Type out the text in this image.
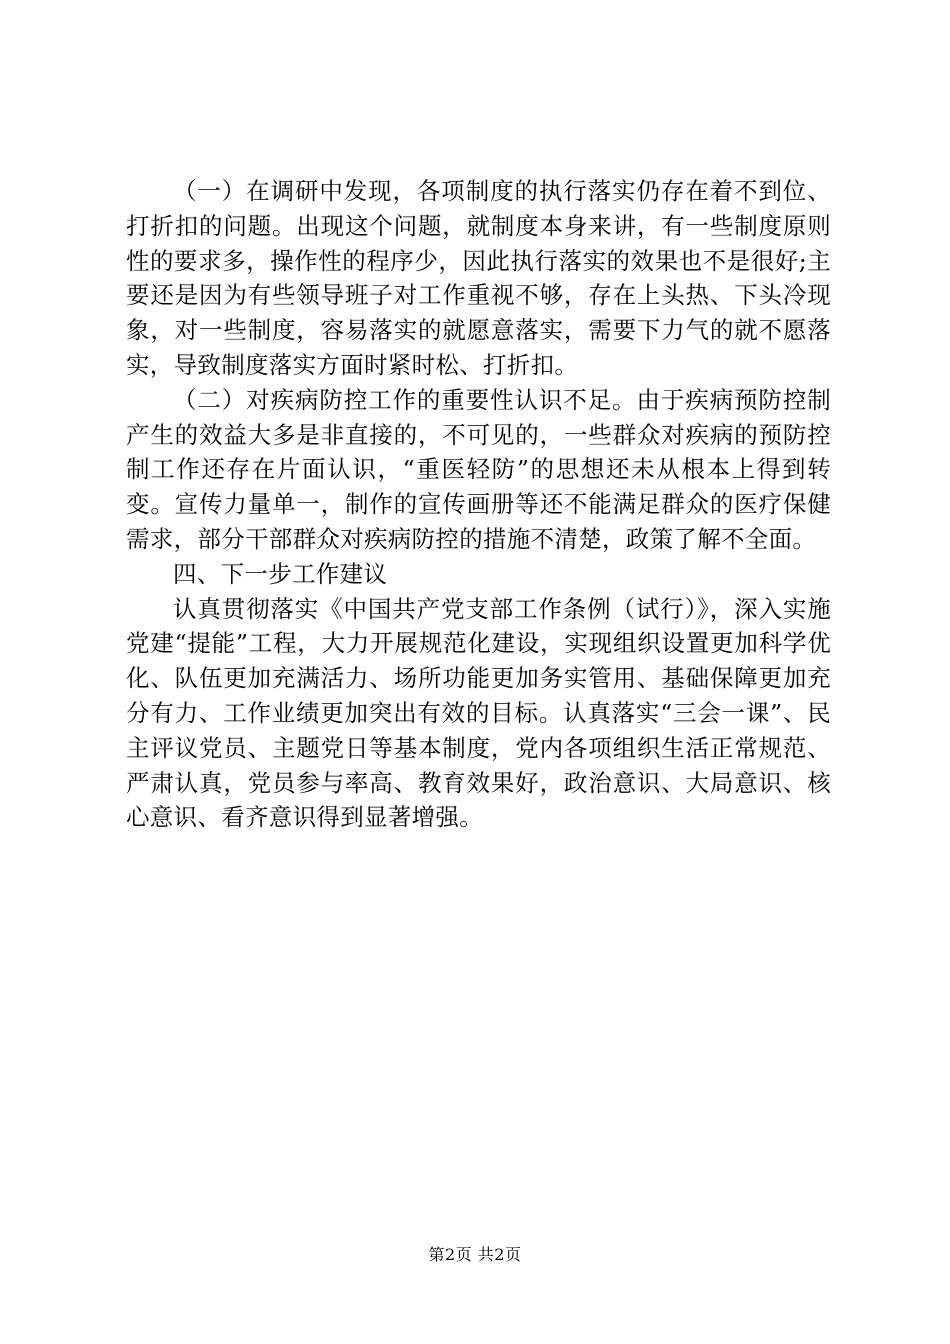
（一）在调研中发现，各项制度的执行落实仍存在着不到位、打折扣的问题。出现这个问题，就制度本身来讲，有一些制度原则性的要求多，操作性的程序少，因此执行落实的效果也不是很好;主要还是因为有些领导班子对工作重视不够，存在上头热、下头冷现象，对一些制度，容易落实的就愿意落实，需要下力气的就不愿落实，导致制度落实方面时紧时松、打折扣。

（二）对疾病防控工作的重要性认识不足。由于疾病预防控制产生的效益大多是非直接的，不可见的，一些群众对疾病的预防控制工作还存在片面认识，“重医轻防”的思想还未从根本上得到转变。宣传力量单一，制作的宣传画册等还不能满足群众的医疗保健需求，部分干部群众对疾病防控的措施不清楚，政策了解不全面。

四、下一步工作建议

认真贯彻落实《中国共产党支部工作条例（试行）》，深入实施党建“提能”工程，大力开展规范化建设，实现组织设置更加科学优化、队伍更加充满活力、场所功能更加务实管用、基础保障更加充分有力、工作业绩更加突出有效的目标。认真落实“三会一课”、民主评议党员、主题党日等基本制度，党内各项组织生活正常规范、严肃认真，党员参与率高、教育效果好，政治意识、大局意识、核心意识、看齐意识得到显著增强。

第2页 共2页
